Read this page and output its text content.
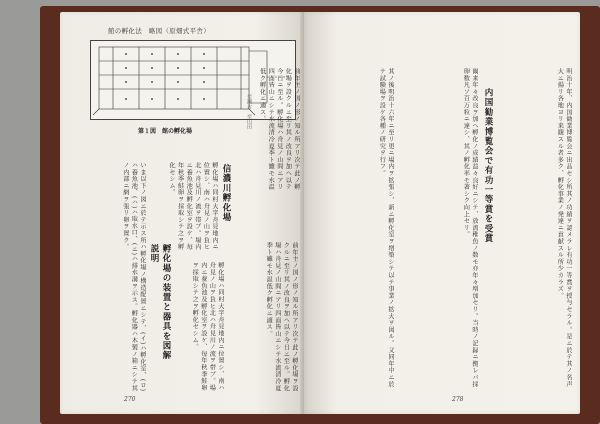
館の孵化法　略図（原畑式平舎）
至瀬古　至山田
第１図　館の孵化場	前年主ノ国ノ形ノ知ル所アリ次テ此ノ孵化場ヲ設クルニ至リ其ノ改良ヲ加ヘ以テ今日ニ至ル。孵化場ハ舟見ノ山間ニアリ四面皆山ニシテ水流清冷夏季ト雖モ水温低ク孵化ニ適ス。
信濃川孵化場
孵化場ハ同村大字舟見地内ニ位置シ、南ハ舟見ノ山ヲ負ヒ北ハ舟見川ノ流ヲ帯ブ。場内ニ養魚池及孵化室ヲ設ケ、毎年秋季鮭卵ヲ採取シテ之ヲ孵化セシム。
前年主ノ国ノ形ノ知ル所アリ次テ此ノ孵化場ヲ設クルニ至リ其ノ改良ヲ加ヘ以テ今日ニ至ル。孵化場ハ舟見ノ山間ニアリ四面皆山ニシテ水流清冷夏季ト雖モ水温低ク孵化ニ適ス。
孵化場の装置と器具を図解説明
いま以下ノ図ニ於テ示ス所ハ孵化場ノ構造配置ニシテ、(イ)ハ孵化室、(ロ)ハ養魚池、(ハ)ハ取水口、(ニ)ハ排水溝ヲ示ス。孵化器ハ木製ノ箱ニシテ其ノ内部ニ網ヲ張リ卵ヲ置ク。
孵化場ハ同村大字舟見地内ニ位置シ、南ハ舟見ノ山ヲ負ヒ北ハ舟見川ノ流ヲ帯ブ。場内ニ養魚池及孵化室ヲ設ケ、毎年秋季鮭卵ヲ採取シテ之ヲ孵化セシム。
270
内国勧業博覧会で有功一等賞を受賞	明治十年、内国勧業博覧会ニ出品セシ所其ノ功績ヲ認メラレ有功一等賞ヲ授与セラル。是ニ於テ其ノ名声大ニ揚リ各地ヨリ来観スル者多ク、孵化事業ノ発達ニ貢献スル所少カラズ。
爾来年々改良ヲ加ヘ孵化ノ成績益々良好ニシテ、放流稚魚ノ数モ亦年々増加セリ。当時ノ記録ニ拠レバ採卵数凡ソ百万粒ニ達シ、其ノ孵化率モ著シク向上セリ。
其ノ後明治十六年ニ至リ更ニ場内ヲ拡張シ、新ニ孵化室ヲ増築シテ以テ事業ノ拡大ヲ図ル。又同年中ニ於テ試験場ヲ設ケ各種ノ研究ヲ行フ。
278
